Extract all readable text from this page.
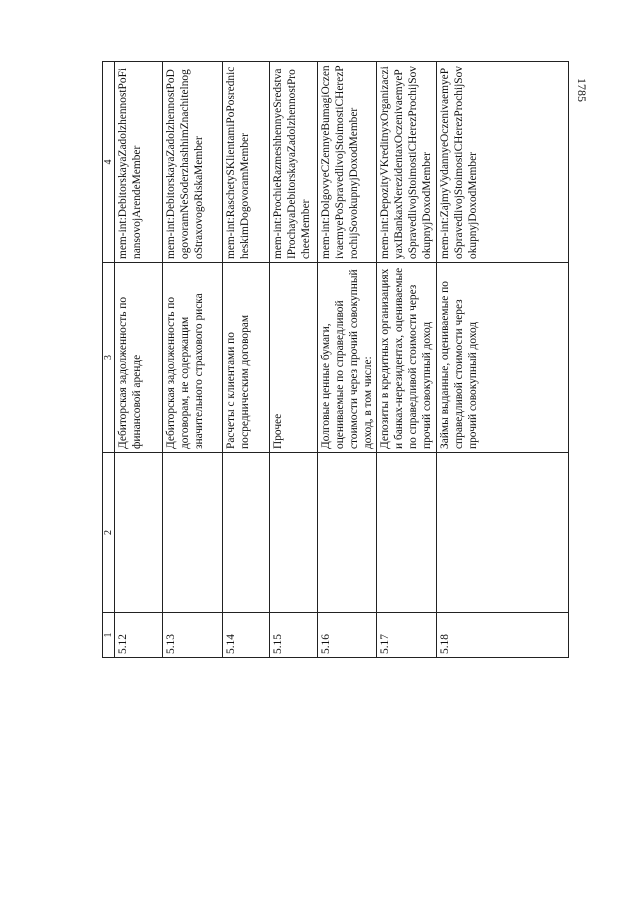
1785
1	2	3	4
5.12		Дебиторская задолженность по финансовой аренде	mem-int:DebitorskayaZadolzhennostPoFinansovojArendeMember
5.13		Дебиторская задолженность по договорам, не содержащим значительного страхового риска	mem-int:DebitorskayaZadolzhennostPoDogovoramNeSoderzhashhimZnachitelnogoStraxovogoRiskaMember
5.14		Расчеты с клиентами по посредническим договорам	mem-int:RaschetySKlientamiPoPosrednicheskimDogovoramMember
5.15		Прочее	mem-int:ProchieRazmeshhennyeSredstvaIProchayaDebitorskayaZadolzhennostProcheeMember
5.16		Долговые ценные бумаги, оцениваемые по справедливой стоимости через прочий совокупный доход, в том числе:	mem-int:DolgovyeCZennyeBumagiOczenivaemyePoSpravedlivojStoimostiCHerezProchijSovokupnyjDoxodMember
5.17		Депозиты в кредитных организациях и банках-нерезидентах, оцениваемые по справедливой стоимости через прочий совокупный доход	mem-int:DepozityVKreditnyxOrganizacziyaxIBankaxNerezidentaxOczenivaemyePoSpravedlivojStoimostiCHerezProchijSovokupnyjDoxodMember
5.18		Займы выданные, оцениваемые по справедливой стоимости через прочий совокупный доход	mem-int:ZajmyVydannyeOczenivaemyePoSpravedlivojStoimostiCHerezProchijSovokupnyjDoxodMember
